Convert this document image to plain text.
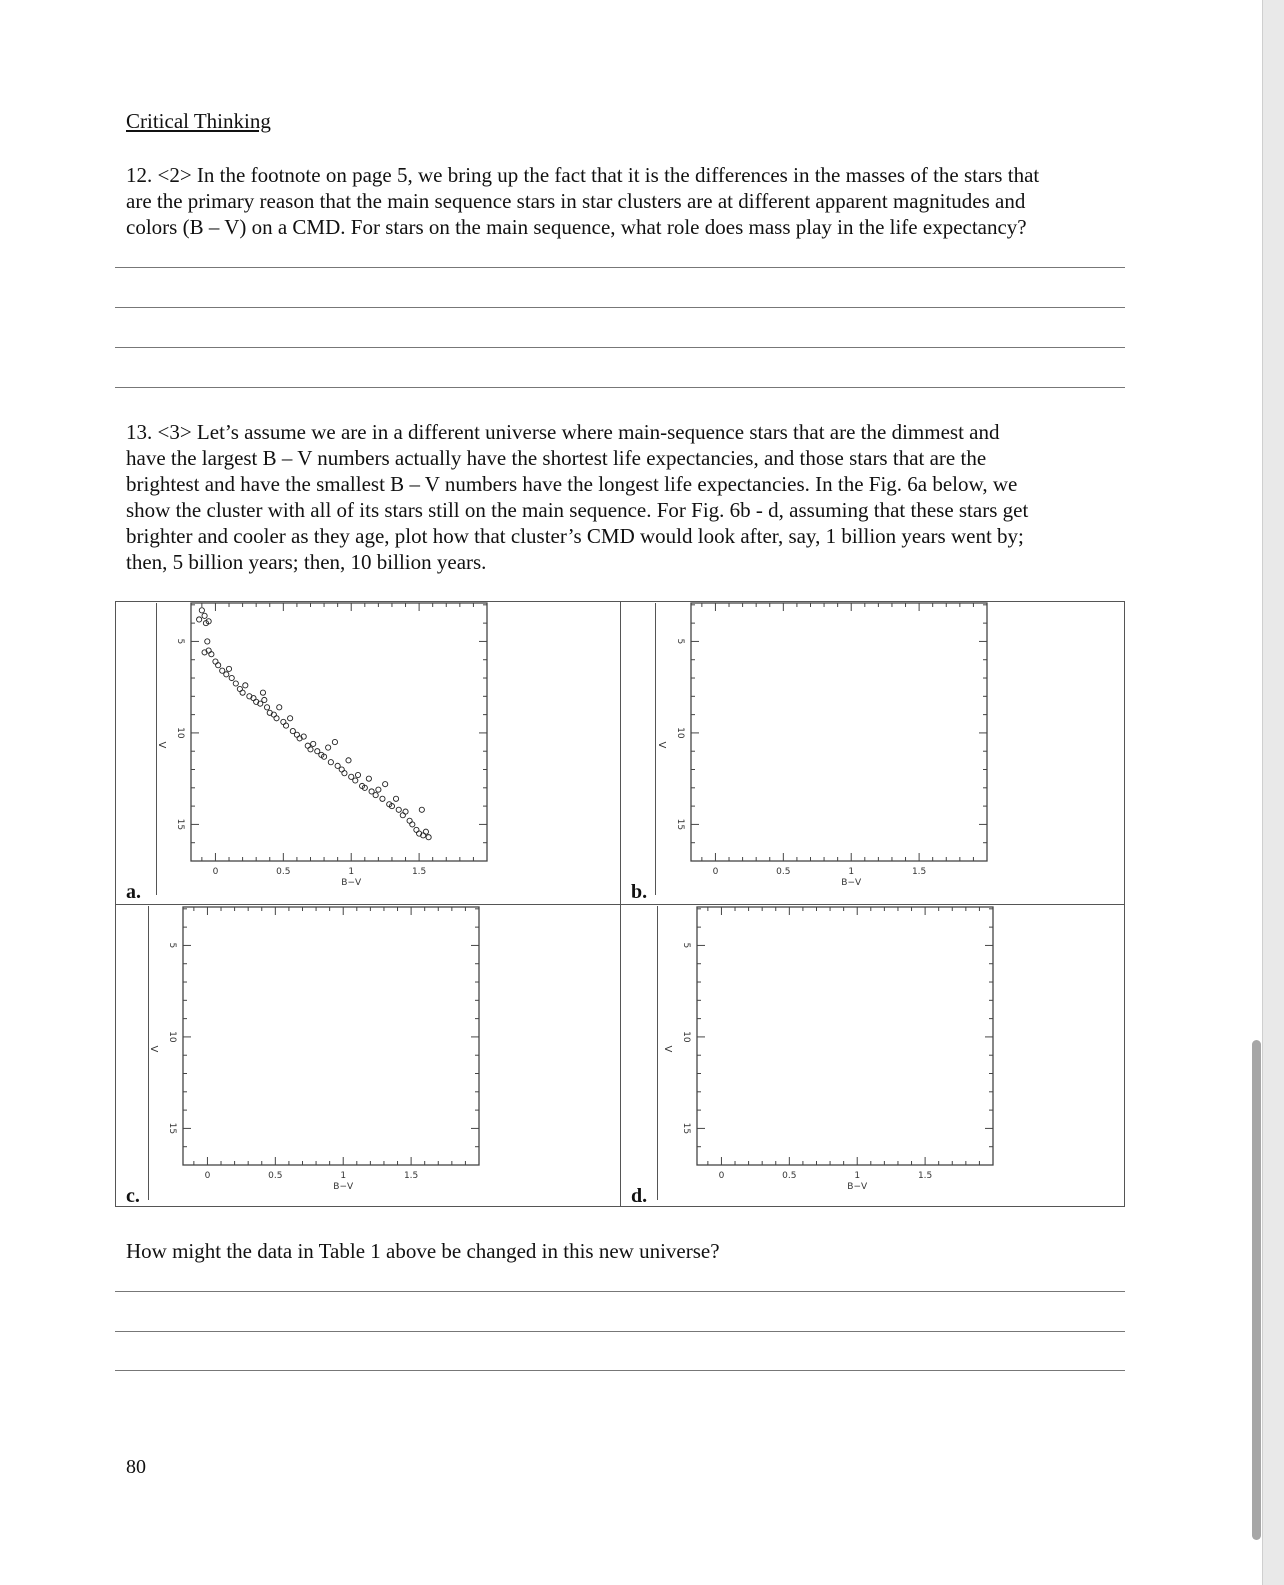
Critical Thinking
12. <2> In the footnote on page 5, we bring up the fact that it is the differences in the masses of the stars that
are the primary reason that the main sequence stars in star clusters are at different apparent magnitudes and
colors (B – V) on a CMD. For stars on the main sequence, what role does mass play in the life expectancy?
13. <3> Let’s assume we are in a different universe where main-sequence stars that are the dimmest and
have the largest B – V numbers actually have the shortest life expectancies, and those stars that are the
brightest and have the smallest B – V numbers have the longest life expectancies. In the Fig. 6a below, we
show the cluster with all of its stars still on the main sequence. For Fig. 6b - d, assuming that these stars get
brighter and cooler as they age, plot how that cluster’s CMD would look after, say, 1 billion years went by;
then, 5 billion years; then, 10 billion years.
0	0.5	1	1.5
B−V
5
10
15
V
0	0.5	1	1.5
B−V
5
10
15
V
0	0.5	1	1.5
B−V
5
10
15
V
0	0.5	1	1.5
B−V
5
10
15
V
a.	b.
c.	d.
How might the data in Table 1 above be changed in this new universe?
80
